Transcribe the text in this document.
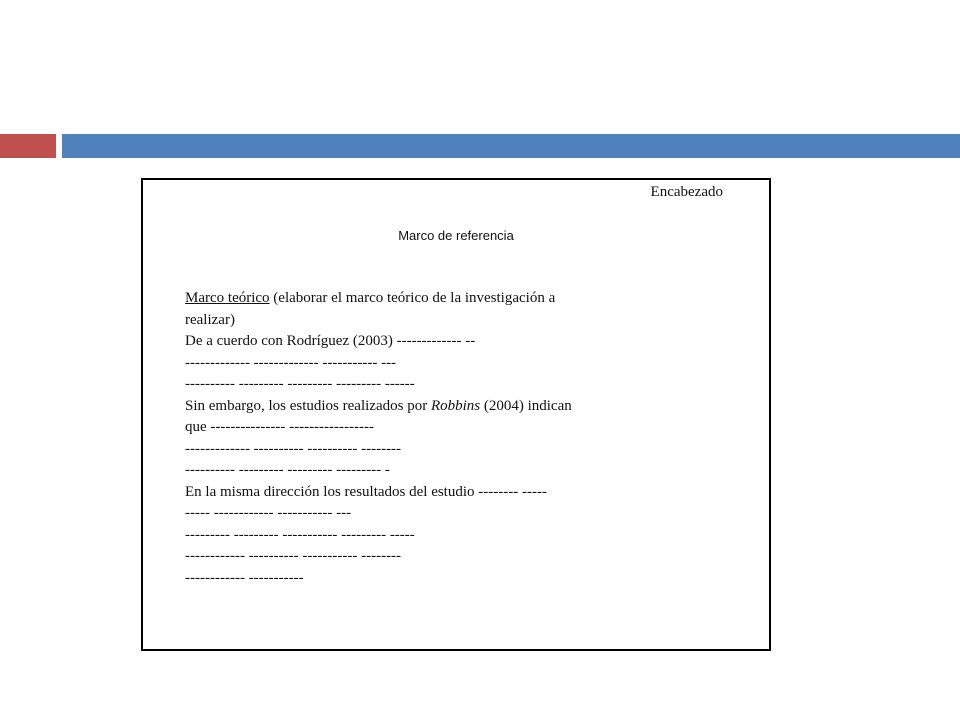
Encabezado
Marco de referencia
Marco teórico (elaborar el marco teórico de la investigación a
realizar)
De a cuerdo con Rodríguez (2003) ------------- --
------------- ------------- ----------- ---
---------- --------- --------- --------- ------
Sin embargo, los estudios realizados por Robbins (2004) indican
que --------------- -----------------
------------- ---------- ---------- --------
---------- --------- --------- --------- -
En la misma dirección los resultados del estudio -------- -----
----- ------------ ----------- ---
--------- --------- ----------- --------- -----
------------ ---------- ----------- --------
------------ -----------
